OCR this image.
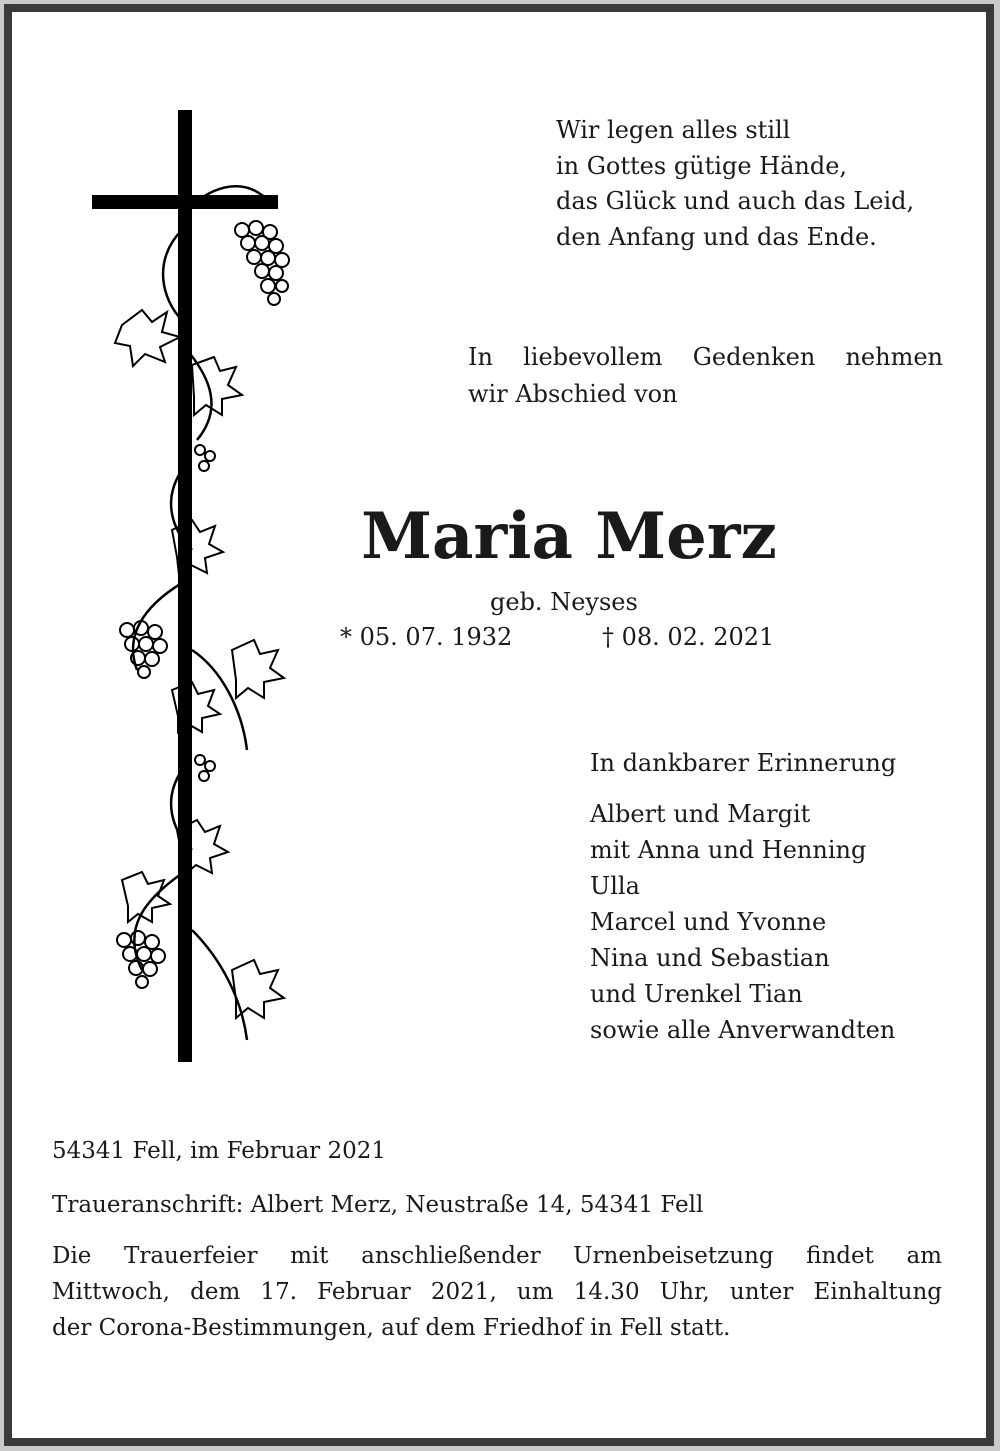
Wir legen alles still
in Gottes gütige Hände,
das Glück und auch das Leid,
den Anfang und das Ende.
In liebevollem Gedenken nehmen
wir Abschied von
Maria Merz
geb. Neyses
* 05. 07. 1932	† 08. 02. 2021
In dankbarer Erinnerung
Albert und Margit
mit Anna und Henning
Ulla
Marcel und Yvonne
Nina und Sebastian
und Urenkel Tian
sowie alle Anverwandten
54341 Fell, im Februar 2021
Traueranschrift: Albert Merz, Neustraße 14, 54341 Fell
Die Trauerfeier mit anschließender Urnenbeisetzung findet am
Mittwoch, dem 17. Februar 2021, um 14.30 Uhr, unter Einhaltung
der Corona-Bestimmungen, auf dem Friedhof in Fell statt.
